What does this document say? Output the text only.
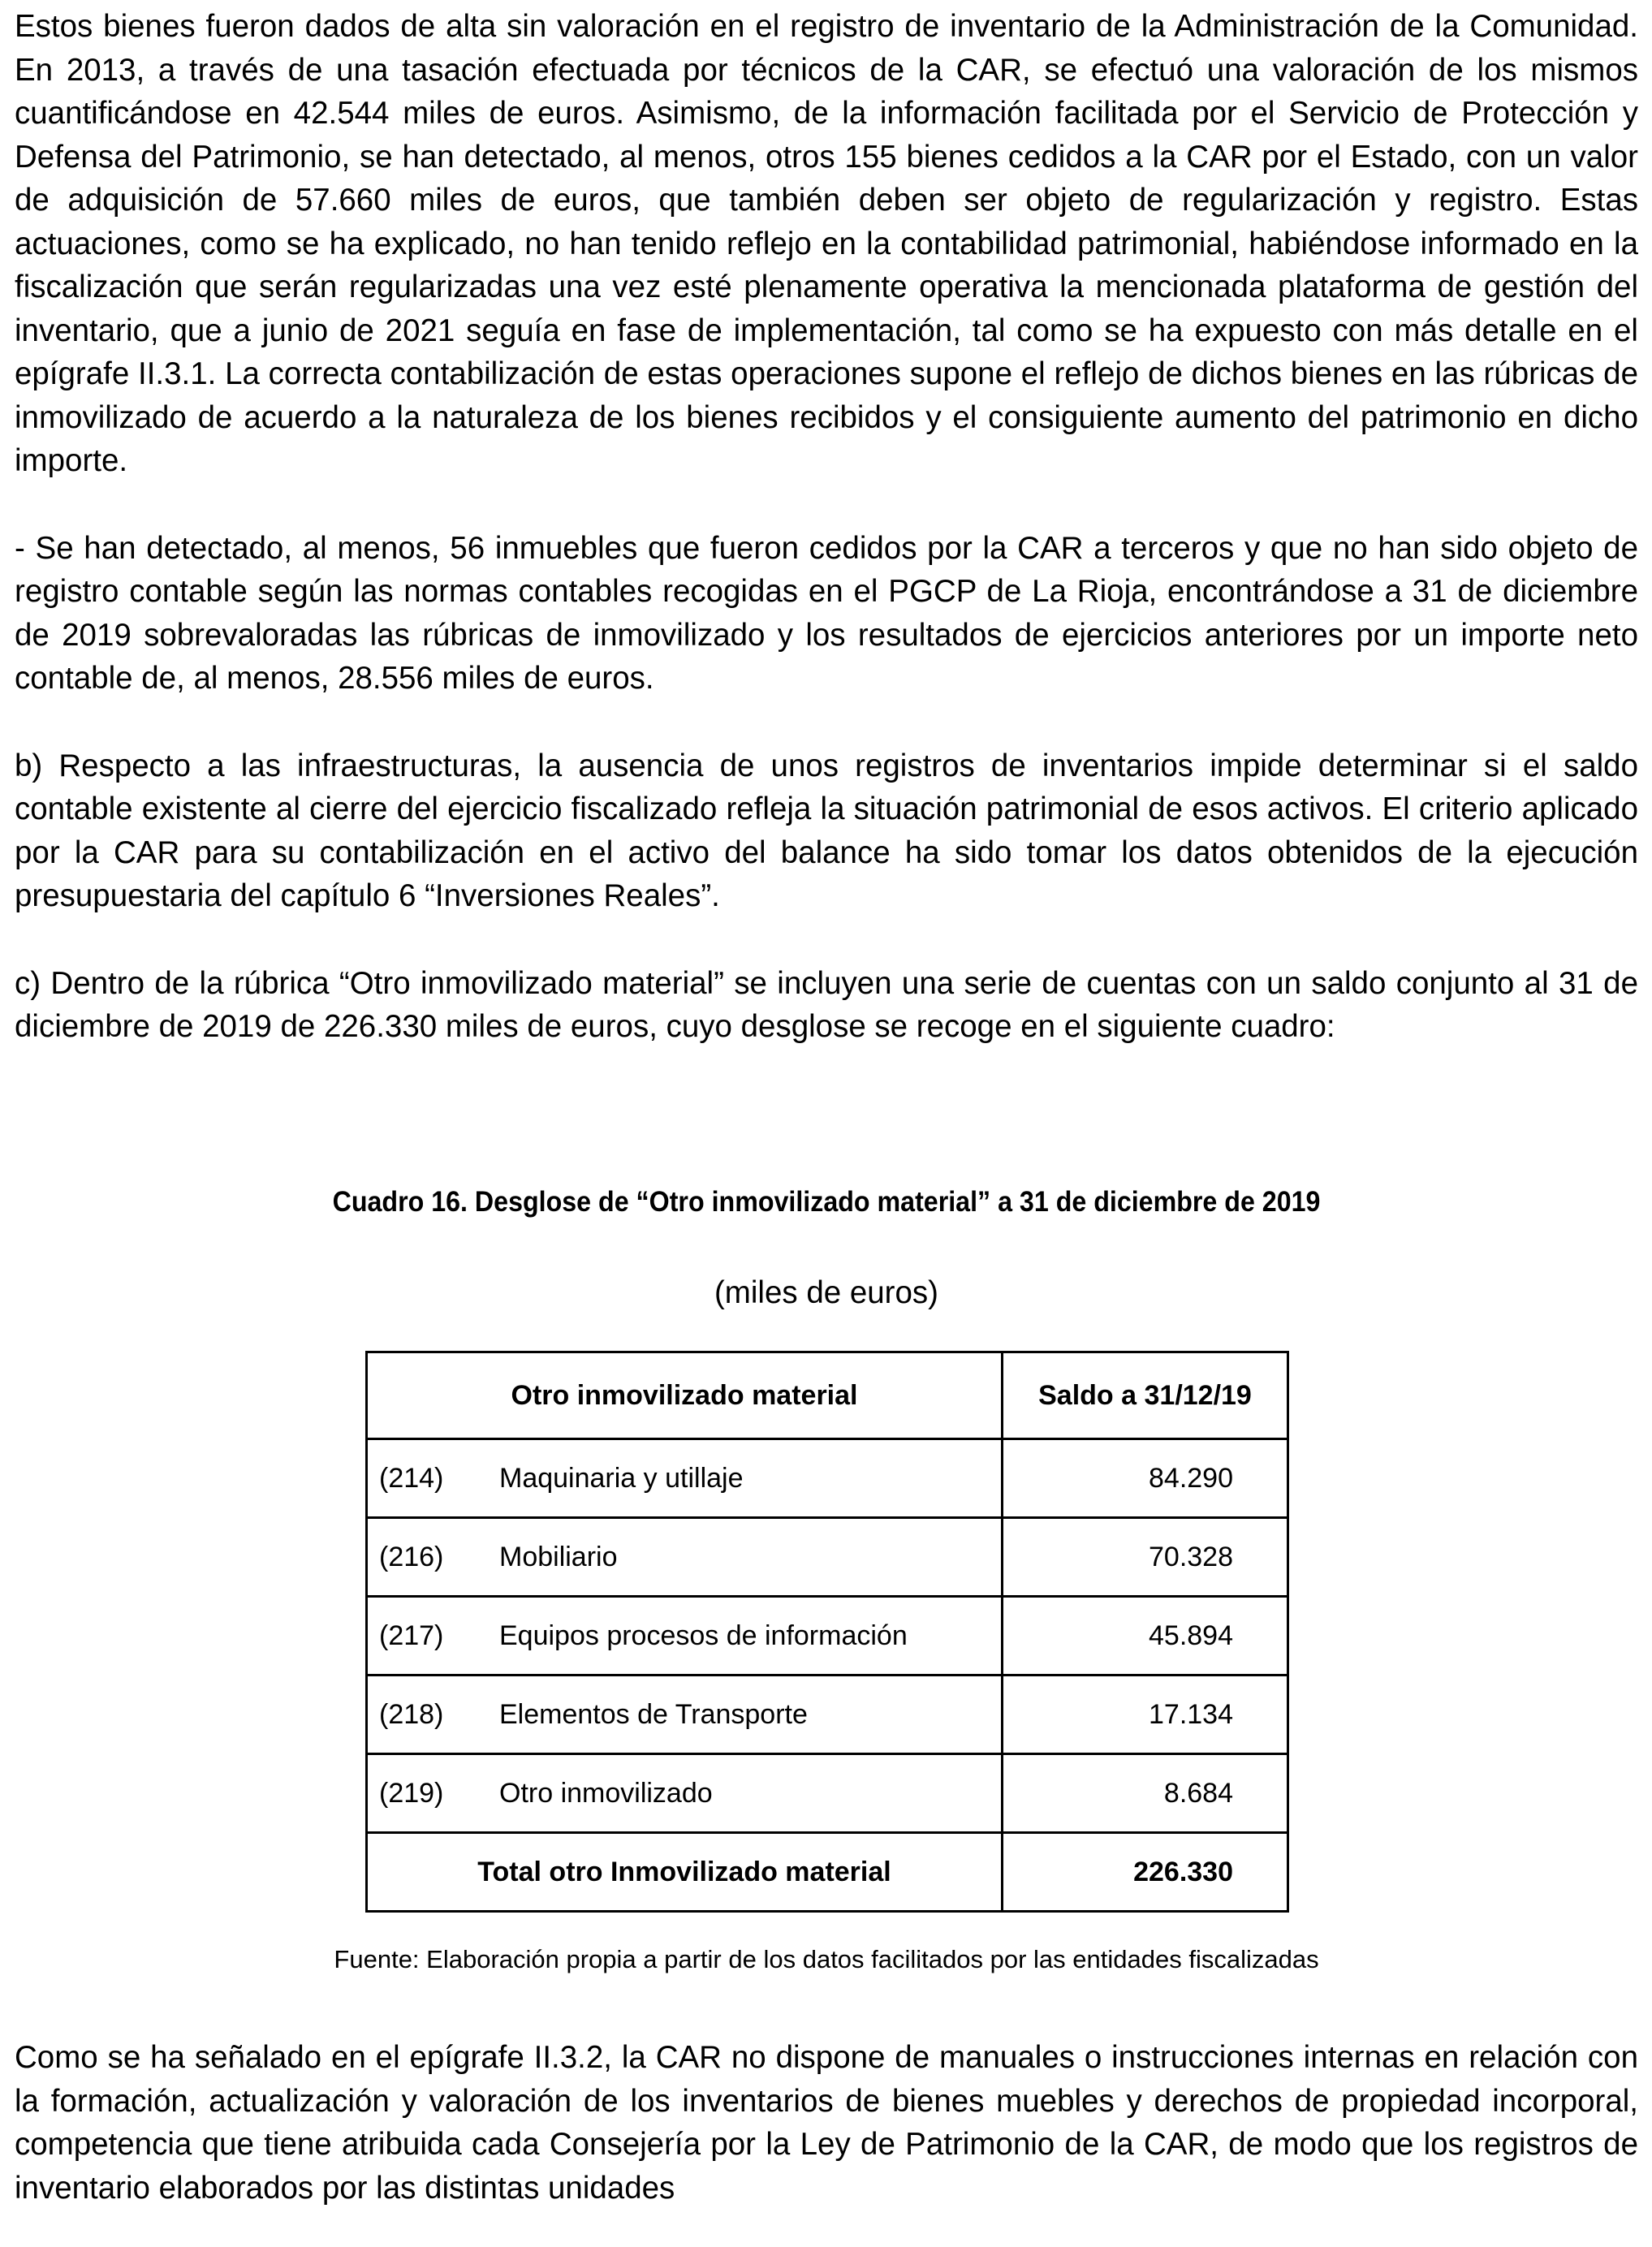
Estos bienes fueron dados de alta sin valoración en el registro de inventario de la Administración de la Comunidad. En 2013, a través de una tasación efectuada por técnicos de la CAR, se efectuó una valoración de los mismos cuantificándose en 42.544 miles de euros. Asimismo, de la información facilitada por el Servicio de Protección y Defensa del Patrimonio, se han detectado, al menos, otros 155 bienes cedidos a la CAR por el Estado, con un valor de adquisición de 57.660 miles de euros, que también deben ser objeto de regularización y registro. Estas actuaciones, como se ha explicado, no han tenido reflejo en la contabilidad patrimonial, habiéndose informado en la fiscalización que serán regularizadas una vez esté plenamente operativa la mencionada plataforma de gestión del inventario, que a junio de 2021 seguía en fase de implementación, tal como se ha expuesto con más detalle en el epígrafe II.3.1. La correcta contabilización de estas operaciones supone el reflejo de dichos bienes en las rúbricas de inmovilizado de acuerdo a la naturaleza de los bienes recibidos y el consiguiente aumento del patrimonio en dicho importe.

- Se han detectado, al menos, 56 inmuebles que fueron cedidos por la CAR a terceros y que no han sido objeto de registro contable según las normas contables recogidas en el PGCP de La Rioja, encontrándose a 31 de diciembre de 2019 sobrevaloradas las rúbricas de inmovilizado y los resultados de ejercicios anteriores por un importe neto contable de, al menos, 28.556 miles de euros.

b) Respecto a las infraestructuras, la ausencia de unos registros de inventarios impide determinar si el saldo contable existente al cierre del ejercicio fiscalizado refleja la situación patrimonial de esos activos. El criterio aplicado por la CAR para su contabilización en el activo del balance ha sido tomar los datos obtenidos de la ejecución presupuestaria del capítulo 6 “Inversiones Reales”.

c) Dentro de la rúbrica “Otro inmovilizado material” se incluyen una serie de cuentas con un saldo conjunto al 31 de diciembre de 2019 de 226.330 miles de euros, cuyo desglose se recoge en el siguiente cuadro:

Cuadro 16. Desglose de “Otro inmovilizado material” a 31 de diciembre de 2019

(miles de euros)

Otro inmovilizado material	Saldo a 31/12/19
(214) Maquinaria y utillaje	84.290
(216) Mobiliario	70.328
(217) Equipos procesos de información	45.894
(218) Elementos de Transporte	17.134
(219) Otro inmovilizado	8.684
Total otro Inmovilizado material	226.330

Fuente: Elaboración propia a partir de los datos facilitados por las entidades fiscalizadas

Como se ha señalado en el epígrafe II.3.2, la CAR no dispone de manuales o instrucciones internas en relación con la formación, actualización y valoración de los inventarios de bienes muebles y derechos de propiedad incorporal, competencia que tiene atribuida cada Consejería por la Ley de Patrimonio de la CAR, de modo que los registros de inventario elaborados por las distintas unidades
